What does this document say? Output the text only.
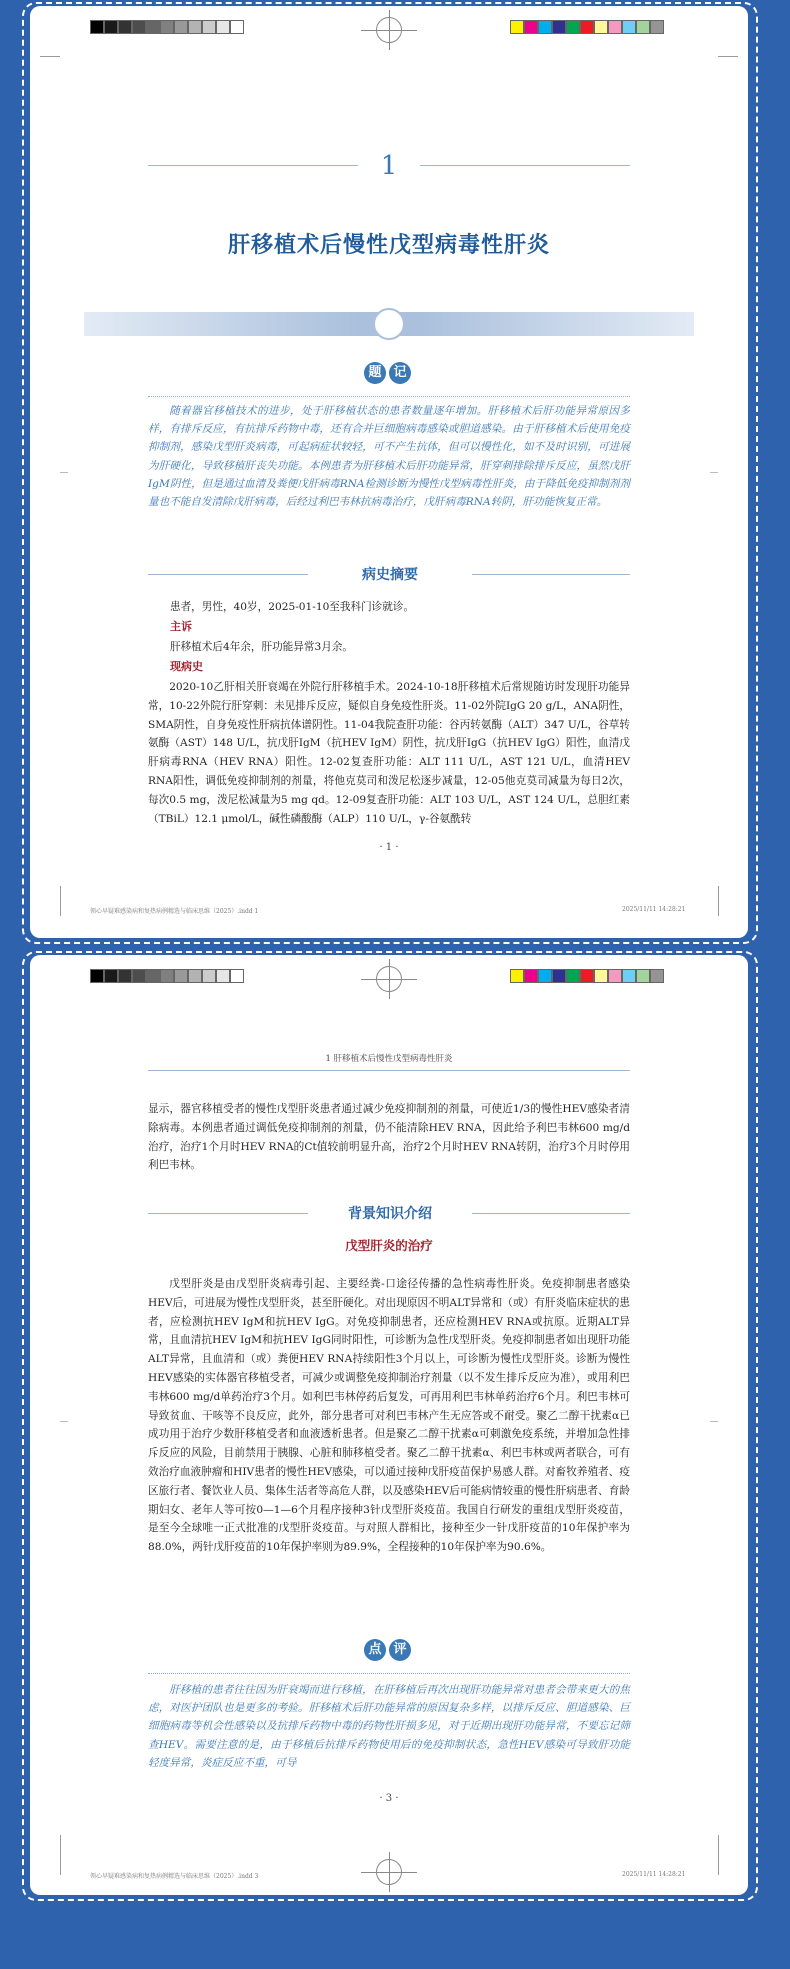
1
肝移植术后慢性戊型病毒性肝炎
题 记
随着器官移植技术的进步，处于肝移植状态的患者数量逐年增加。肝移植术后肝功能异常原因多样，有排斥反应，有抗排斥药物中毒，还有合并巨细胞病毒感染或胆道感染。由于肝移植术后使用免疫抑制剂，感染戊型肝炎病毒，可起病症状较轻，可不产生抗体，但可以慢性化，如不及时识别，可进展为肝硬化，导致移植肝丧失功能。本例患者为肝移植术后肝功能异常，肝穿刺排除排斥反应，虽然戊肝IgM阴性，但是通过血清及粪便戊肝病毒RNA检测诊断为慢性戊型病毒性肝炎，由于降低免疫抑制剂剂量也不能自发清除戊肝病毒，后经过利巴韦林抗病毒治疗，戊肝病毒RNA转阴，肝功能恢复正常。
病史摘要
患者，男性，40岁，2025-01-10至我科门诊就诊。
主诉
肝移植术后4年余，肝功能异常3月余。
现病史
2020-10乙肝相关肝衰竭在外院行肝移植手术。2024-10-18肝移植术后常规随访时发现肝功能异常，10-22外院行肝穿刺：未见排斥反应，疑似自身免疫性肝炎。11-02外院IgG 20 g/L，ANA阴性，SMA阴性，自身免疫性肝病抗体谱阴性。11-04我院查肝功能：谷丙转氨酶（ALT）347 U/L，谷草转氨酶（AST）148 U/L，抗戊肝IgM（抗HEV IgM）阴性，抗戊肝IgG（抗HEV IgG）阳性，血清戊肝病毒RNA（HEV RNA）阳性。12-02复查肝功能：ALT 111 U/L，AST 121 U/L，血清HEV RNA阳性，调低免疫抑制剂的剂量，将他克莫司和泼尼松逐步减量，12-05他克莫司减量为每日2次，每次0.5 mg，泼尼松减量为5 mg qd。12-09复查肝功能：ALT 103 U/L，AST 124 U/L，总胆红素（TBiL）12.1 μmol/L，碱性磷酸酶（ALP）110 U/L，γ-谷氨酰转
· 1 ·
领心早疑难感染病和复热病例精选与临床思维（2025）.indd 1	2025/11/11 14:28:21
1 肝移植术后慢性戊型病毒性肝炎
显示，器官移植受者的慢性戊型肝炎患者通过减少免疫抑制剂的剂量，可使近1/3的慢性HEV感染者清除病毒。本例患者通过调低免疫抑制剂的剂量，仍不能清除HEV RNA，因此给予利巴韦林600 mg/d治疗，治疗1个月时HEV RNA的Ct值较前明显升高，治疗2个月时HEV RNA转阴，治疗3个月时停用利巴韦林。
背景知识介绍
戊型肝炎的治疗
戊型肝炎是由戊型肝炎病毒引起、主要经粪-口途径传播的急性病毒性肝炎。免疫抑制患者感染HEV后，可进展为慢性戊型肝炎，甚至肝硬化。对出现原因不明ALT异常和（或）有肝炎临床症状的患者，应检测抗HEV IgM和抗HEV IgG。对免疫抑制患者，还应检测HEV RNA或抗原。近期ALT异常，且血清抗HEV IgM和抗HEV IgG同时阳性，可诊断为急性戊型肝炎。免疫抑制患者如出现肝功能ALT异常，且血清和（或）粪便HEV RNA持续阳性3个月以上，可诊断为慢性戊型肝炎。诊断为慢性HEV感染的实体器官移植受者，可减少或调整免疫抑制治疗剂量（以不发生排斥反应为准），或用利巴韦林600 mg/d单药治疗3个月。如利巴韦林停药后复发，可再用利巴韦林单药治疗6个月。利巴韦林可导致贫血、干咳等不良反应，此外，部分患者可对利巴韦林产生无应答或不耐受。聚乙二醇干扰素α已成功用于治疗少数肝移植受者和血液透析患者。但是聚乙二醇干扰素α可刺激免疫系统，并增加急性排斥反应的风险，目前禁用于胰腺、心脏和肺移植受者。聚乙二醇干扰素α、利巴韦林或两者联合，可有效治疗血液肿瘤和HIV患者的慢性HEV感染，可以通过接种戊肝疫苗保护易感人群。对畜牧养殖者、疫区旅行者、餐饮业人员、集体生活者等高危人群，以及感染HEV后可能病情较重的慢性肝病患者、育龄期妇女、老年人等可按0—1—6个月程序接种3针戊型肝炎疫苗。我国自行研发的重组戊型肝炎疫苗，是至今全球唯一正式批准的戊型肝炎疫苗。与对照人群相比，接种至少一针戊肝疫苗的10年保护率为88.0%，两针戊肝疫苗的10年保护率则为89.9%，全程接种的10年保护率为90.6%。
点 评
肝移植的患者往往因为肝衰竭而进行移植，在肝移植后再次出现肝功能异常对患者会带来更大的焦虑，对医护团队也是更多的考验。肝移植术后肝功能异常的原因复杂多样，以排斥反应、胆道感染、巨细胞病毒等机会性感染以及抗排斥药物中毒的药物性肝损多见，对于近期出现肝功能异常，不要忘记筛查HEV。需要注意的是，由于移植后抗排斥药物使用后的免疫抑制状态，急性HEV感染可导致肝功能轻度异常，炎症反应不重，可导
· 3 ·
领心早疑难感染病和复热病例精选与临床思维（2025）.indd 3	2025/11/11 14:28:21
